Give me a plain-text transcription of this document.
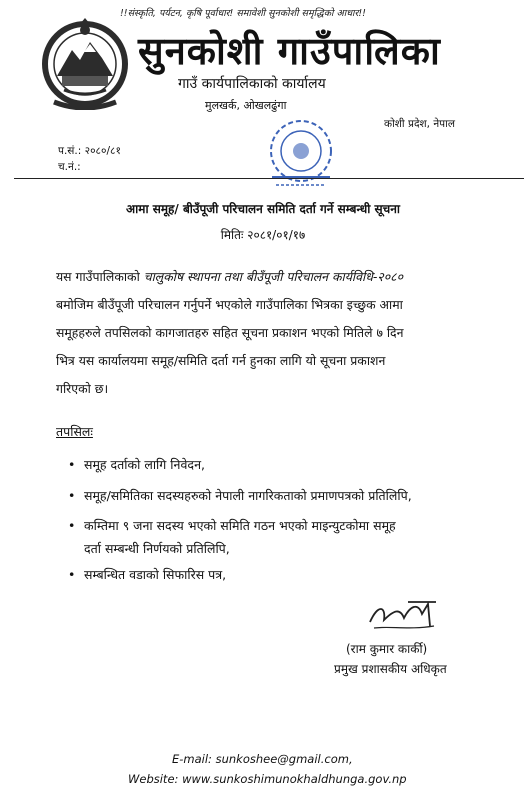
!!संस्कृति, पर्यटन, कृषि पूर्वाधार! समावेशी सुनकोशी समृद्धिको आधार!!
सुनकोशी गाउँपालिका
गाउँ कार्यपालिकाको कार्यालय
मुलखर्क, ओखलढुंगा
कोशी प्रदेश, नेपाल
प.सं.: २०८०/८१
च.नं.:
आमा समूह/ बीउँपूजी परिचालन समिति दर्ता गर्ने सम्बन्धी सूचना
मितिः २०८१/०१/१७
यस गाउँपालिकाको चालुकोष स्थापना तथा बीउँपूजी परिचालन कार्यविधि-२०८०
बमोजिम बीउँपूजी परिचालन गर्नुपर्ने भएकोले गाउँपालिका भित्रका इच्छुक आमा
समूहहरुले तपसिलको कागजातहरु सहित सूचना प्रकाशन भएको मितिले ७ दिन
भित्र यस कार्यालयमा समूह/समिति दर्ता गर्न हुनका लागि यो सूचना प्रकाशन
गरिएको छ।
तपसिलः
• समूह दर्ताको लागि निवेदन,
• समूह/समितिका सदस्यहरुको नेपाली नागरिकताको प्रमाणपत्रको प्रतिलिपि,
• कम्तिमा ९ जना सदस्य भएको समिति गठन भएको माइन्युटकोमा समूह
दर्ता सम्बन्धी निर्णयको प्रतिलिपि,
• सम्बन्धित वडाको सिफारिस पत्र,
(राम कुमार कार्की)
प्रमुख प्रशासकीय अधिकृत
E-mail: sunkoshee@gmail.com,
Website: www.sunkoshimunokhaldhunga.gov.np
